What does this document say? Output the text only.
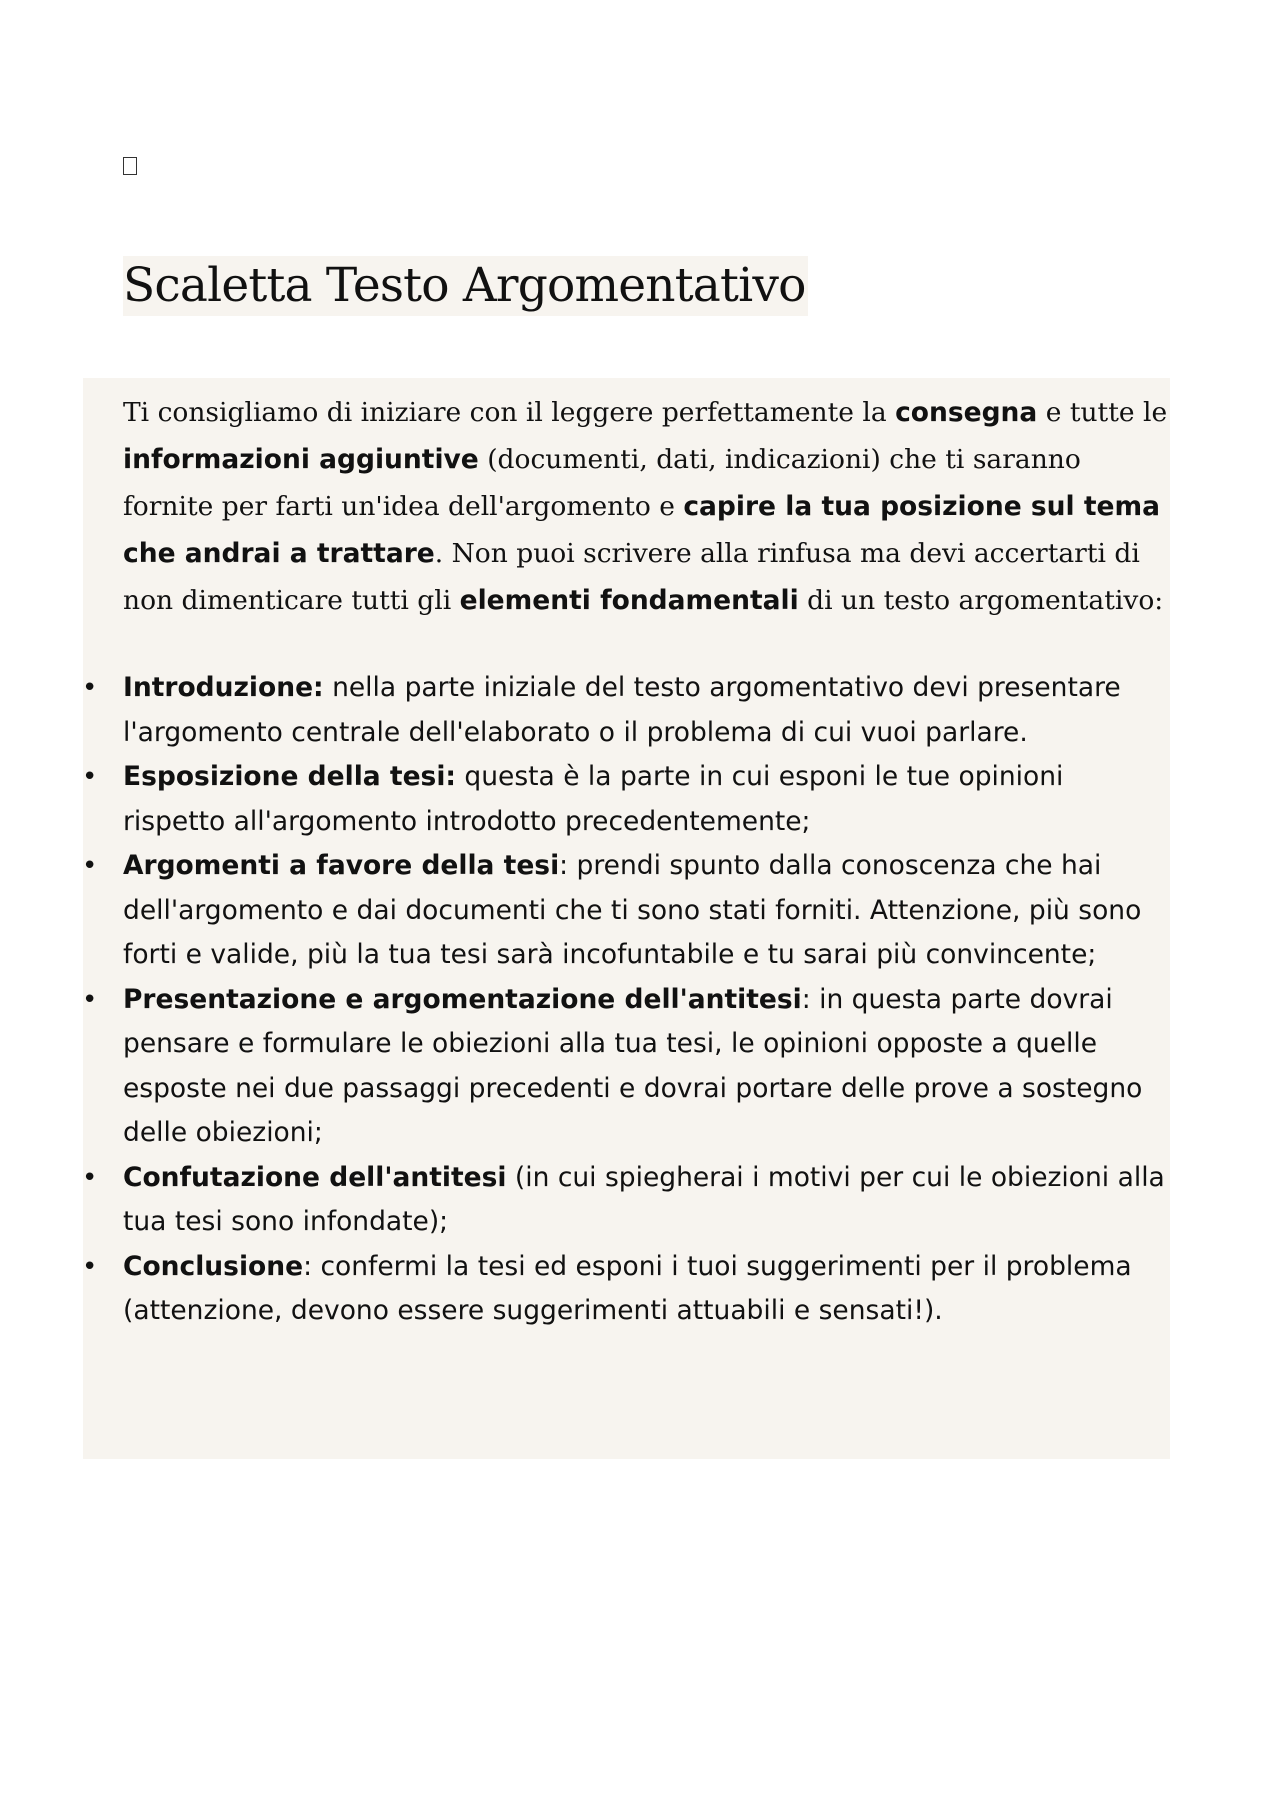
Scaletta Testo Argomentativo

Ti consigliamo di iniziare con il leggere perfettamente la consegna e tutte le informazioni aggiuntive (documenti, dati, indicazioni) che ti saranno fornite per farti un'idea dell'argomento e capire la tua posizione sul tema che andrai a trattare. Non puoi scrivere alla rinfusa ma devi accertarti di non dimenticare tutti gli elementi fondamentali di un testo argomentativo:

• Introduzione: nella parte iniziale del testo argomentativo devi presentare l'argomento centrale dell'elaborato o il problema di cui vuoi parlare.
• Esposizione della tesi: questa è la parte in cui esponi le tue opinioni rispetto all'argomento introdotto precedentemente;
• Argomenti a favore della tesi: prendi spunto dalla conoscenza che hai dell'argomento e dai documenti che ti sono stati forniti. Attenzione, più sono forti e valide, più la tua tesi sarà incofuntabile e tu sarai più convincente;
• Presentazione e argomentazione dell'antitesi: in questa parte dovrai pensare e formulare le obiezioni alla tua tesi, le opinioni opposte a quelle esposte nei due passaggi precedenti e dovrai portare delle prove a sostegno delle obiezioni;
• Confutazione dell'antitesi (in cui spiegherai i motivi per cui le obiezioni alla tua tesi sono infondate);
• Conclusione: confermi la tesi ed esponi i tuoi suggerimenti per il problema (attenzione, devono essere suggerimenti attuabili e sensati!).
